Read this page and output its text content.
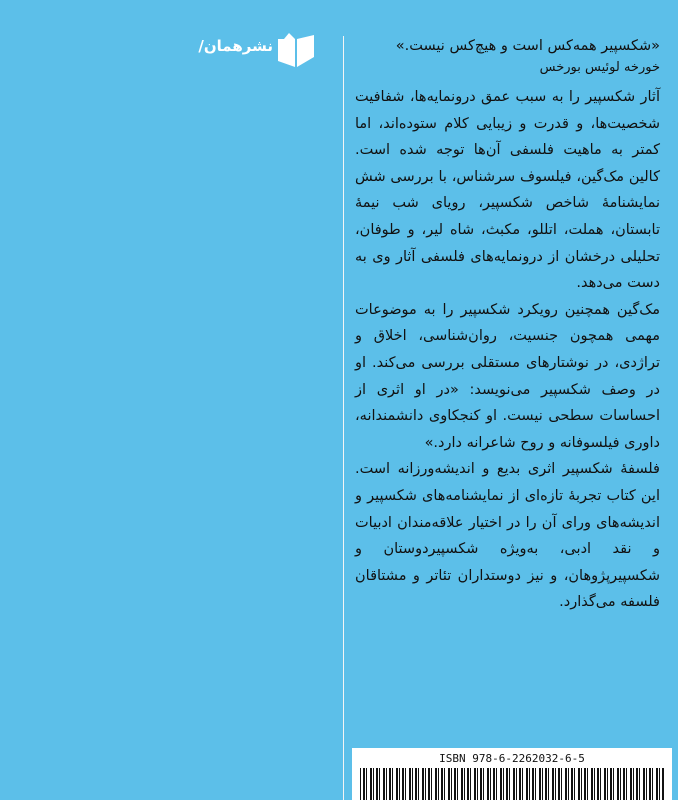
نشرهمان/	«شکسپیر همه‌کس است و هیچ‌کس نیست.»

خورخه لوئیس بورخس

آثار شکسپیر را به سبب عمق درونمایه‌ها، شفافیت شخصیت‌ها، و قدرت و زیبایی کلام ستوده‌اند، اما کمتر به ماهیت فلسفی آن‌ها توجه شده است. کالین مک‌گین، فیلسوف سرشناس، با بررسی شش نمایشنامهٔ شاخص شکسپیر، رویای شب نیمهٔ تابستان، هملت، اتللو، مکبث، شاه لیر، و طوفان، تحلیلی درخشان از درونمایه‌های فلسفی آثار وی به دست می‌دهد.

مک‌گین همچنین رویکرد شکسپیر را به موضوعات مهمی همچون جنسیت، روان‌شناسی، اخلاق و تراژدی، در نوشتارهای مستقلی بررسی می‌کند. او در وصف شکسپیر می‌نویسد: «در او اثری از احساسات سطحی نیست. او کنجکاوی دانشمندانه، داوری فیلسوفانه و روح شاعرانه دارد.»

فلسفهٔ شکسپیر اثری بدیع و اندیشه‌ورزانه است. این کتاب تجربهٔ تازه‌ای از نمایشنامه‌های شکسپیر و اندیشه‌های ورای آن را در اختیار علاقه‌مندان ادبیات و نقد ادبی، به‌ویژه شکسپیردوستان و شکسپیرپژوهان، و نیز دوستداران تئاتر و مشتاقان فلسفه می‌گذارد.

ISBN 978-6-2262032-6-5
